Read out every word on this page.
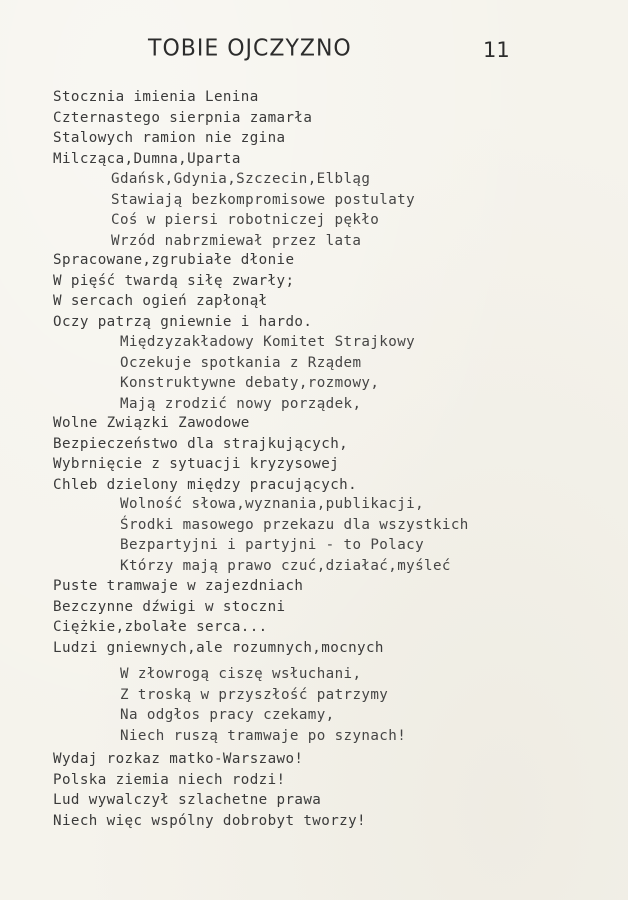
TOBIE OJCZYZNO	11
Stocznia imienia Lenina
Czternastego sierpnia zamarła
Stalowych ramion nie zgina
Milcząca,Dumna,Uparta
Gdańsk,Gdynia,Szczecin,Elbląg
Stawiają bezkompromisowe postulaty
Coś w piersi robotniczej pękło
Wrzód nabrzmiewał przez lata
Spracowane,zgrubiałe dłonie
W pięść twardą siłę zwarły;
W sercach ogień zapłonął
Oczy patrzą gniewnie i hardo.
Międzyzakładowy Komitet Strajkowy
Oczekuje spotkania z Rządem
Konstruktywne debaty,rozmowy,
Mają zrodzić nowy porządek,
Wolne Związki Zawodowe
Bezpieczeństwo dla strajkujących,
Wybrnięcie z sytuacji kryzysowej
Chleb dzielony między pracujących.
Wolność słowa,wyznania,publikacji,
Środki masowego przekazu dla wszystkich
Bezpartyjni i partyjni - to Polacy
Którzy mają prawo czuć,działać,myśleć
Puste tramwaje w zajezdniach
Bezczynne dźwigi w stoczni
Ciężkie,zbolałe serca...
Ludzi gniewnych,ale rozumnych,mocnych
W złowrogą ciszę wsłuchani,
Z troską w przyszłość patrzymy
Na odgłos pracy czekamy,
Niech ruszą tramwaje po szynach!
Wydaj rozkaz matko-Warszawo!
Polska ziemia niech rodzi!
Lud wywalczył szlachetne prawa
Niech więc wspólny dobrobyt tworzy!
